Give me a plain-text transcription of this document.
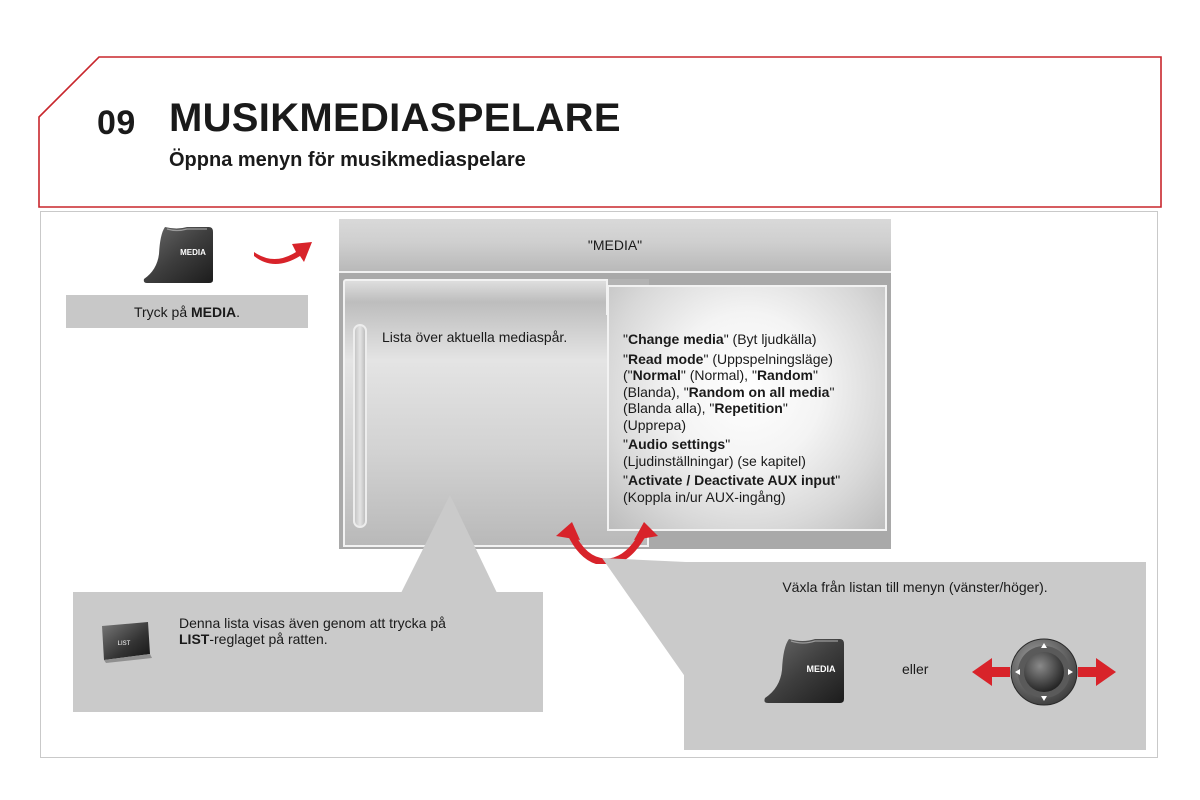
09 MUSIKMEDIASPELARE
Öppna menyn för musikmediaspelare
MEDIA
Tryck på MEDIA .
"MEDIA"
Lista över aktuella mediaspår.	"Change media" (Byt ljudkälla)
"Read mode" (Uppspelningsläge)
("Normal" (Normal), "Random"
(Blanda), "Random on all media"
(Blanda alla), "Repetition"
(Upprepa)
"Audio settings"
(Ljudinställningar) (se kapitel)
"Activate / Deactivate AUX input"
(Koppla in/ur AUX-ingång)
LIST
Denna lista visas även genom att trycka på
LIST-reglaget på ratten.
Växla från listan till menyn (vänster/höger).
MEDIA	eller
